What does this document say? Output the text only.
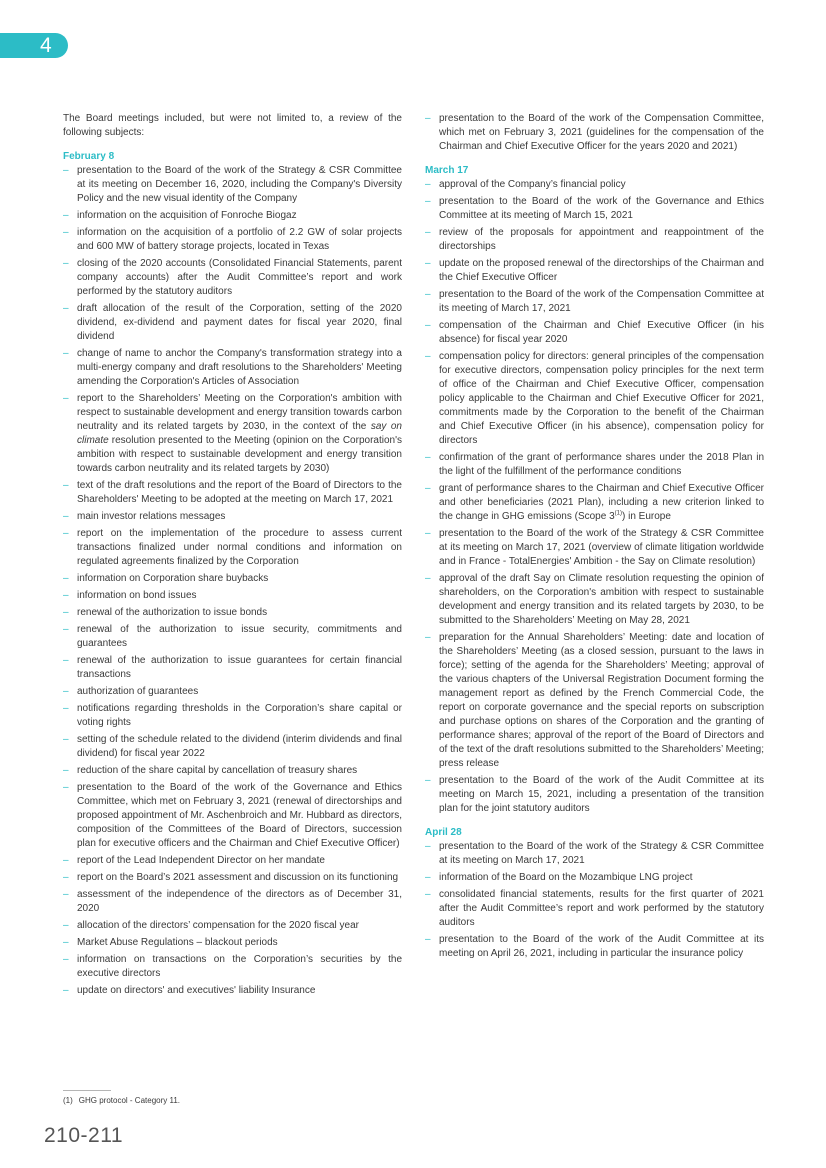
4

The Board meetings included, but were not limited to, a review of the following subjects:

February 8
– presentation to the Board of the work of the Strategy & CSR Committee at its meeting on December 16, 2020, including the Company's Diversity Policy and the new visual identity of the Company
– information on the acquisition of Fonroche Biogaz
– information on the acquisition of a portfolio of 2.2 GW of solar projects and 600 MW of battery storage projects, located in Texas
– closing of the 2020 accounts (Consolidated Financial Statements, parent company accounts) after the Audit Committee’s report and work performed by the statutory auditors
– draft allocation of the result of the Corporation, setting of the 2020 dividend, ex-dividend and payment dates for fiscal year 2020, final dividend
– change of name to anchor the Company's transformation strategy into a multi-energy company and draft resolutions to the Shareholders' Meeting amending the Corporation's Articles of Association
– report to the Shareholders’ Meeting on the Corporation's ambition with respect to sustainable development and energy transition towards carbon neutrality and its related targets by 2030, in the context of the say on climate resolution presented to the Meeting (opinion on the Corporation's ambition with respect to sustainable development and energy transition towards carbon neutrality and its related targets by 2030)
– text of the draft resolutions and the report of the Board of Directors to the Shareholders' Meeting to be adopted at the meeting on March 17, 2021
– main investor relations messages
– report on the implementation of the procedure to assess current transactions finalized under normal conditions and information on regulated agreements finalized by the Corporation
– information on Corporation share buybacks
– information on bond issues
– renewal of the authorization to issue bonds
– renewal of the authorization to issue security, commitments and guarantees
– renewal of the authorization to issue guarantees for certain financial transactions
– authorization of guarantees
– notifications regarding thresholds in the Corporation’s share capital or voting rights
– setting of the schedule related to the dividend (interim dividends and final dividend) for fiscal year 2022
– reduction of the share capital by cancellation of treasury shares
– presentation to the Board of the work of the Governance and Ethics Committee, which met on February 3, 2021 (renewal of directorships and proposed appointment of Mr. Aschenbroich and Mr. Hubbard as directors, composition of the Committees of the Board of Directors, succession plan for executive officers and the Chairman and Chief Executive Officer)
– report of the Lead Independent Director on her mandate
– report on the Board’s 2021 assessment and discussion on its functioning
– assessment of the independence of the directors as of December 31, 2020
– allocation of the directors’ compensation for the 2020 fiscal year
– Market Abuse Regulations – blackout periods
– information on transactions on the Corporation’s securities by the executive directors
– update on directors' and executives' liability Insurance
– presentation to the Board of the work of the Compensation Committee, which met on February 3, 2021 (guidelines for the compensation of the Chairman and Chief Executive Officer for the years 2020 and 2021)
March 17
– approval of the Company’s financial policy
– presentation to the Board of the work of the Governance and Ethics Committee at its meeting of March 15, 2021
– review of the proposals for appointment and reappointment of the directorships
– update on the proposed renewal of the directorships of the Chairman and the Chief Executive Officer
– presentation to the Board of the work of the Compensation Committee at its meeting of March 17, 2021
– compensation of the Chairman and Chief Executive Officer (in his absence) for fiscal year 2020
– compensation policy for directors: general principles of the compensation for executive directors, compensation policy principles for the next term of office of the Chairman and Chief Executive Officer, compensation policy applicable to the Chairman and Chief Executive Officer for 2021, commitments made by the Corporation to the benefit of the Chairman and Chief Executive Officer (in his absence), compensation policy for directors
– confirmation of the grant of performance shares under the 2018 Plan in the light of the fulfillment of the performance conditions
– grant of performance shares to the Chairman and Chief Executive Officer and other beneficiaries (2021 Plan), including a new criterion linked to the change in GHG emissions (Scope 3$^{(1)}$) in Europe
– presentation to the Board of the work of the Strategy & CSR Committee at its meeting on March 17, 2021 (overview of climate litigation worldwide and in France - TotalEnergies' Ambition - the Say on Climate resolution)
– approval of the draft Say on Climate resolution requesting the opinion of shareholders, on the Corporation's ambition with respect to sustainable development and energy transition and its related targets by 2030, to be submitted to the Shareholders’ Meeting on May 28, 2021
– preparation for the Annual Shareholders’ Meeting: date and location of the Shareholders’ Meeting (as a closed session, pursuant to the laws in force); setting of the agenda for the Shareholders’ Meeting; approval of the various chapters of the Universal Registration Document forming the management report as defined by the French Commercial Code, the report on corporate governance and the special reports on subscription and purchase options on shares of the Corporation and the granting of performance shares; approval of the report of the Board of Directors and of the text of the draft resolutions submitted to the Shareholders’ Meeting; press release
– presentation to the Board of the work of the Audit Committee at its meeting on March 15, 2021, including a presentation of the transition plan for the joint statutory auditors
April 28
– presentation to the Board of the work of the Strategy & CSR Committee at its meeting on March 17, 2021
– information of the Board on the Mozambique LNG project
– consolidated financial statements, results for the first quarter of 2021 after the Audit Committee’s report and work performed by the statutory auditors
– presentation to the Board of the work of the Audit Committee at its meeting on April 26, 2021, including in particular the insurance policy
(1) GHG protocol - Category 11.
210-211
